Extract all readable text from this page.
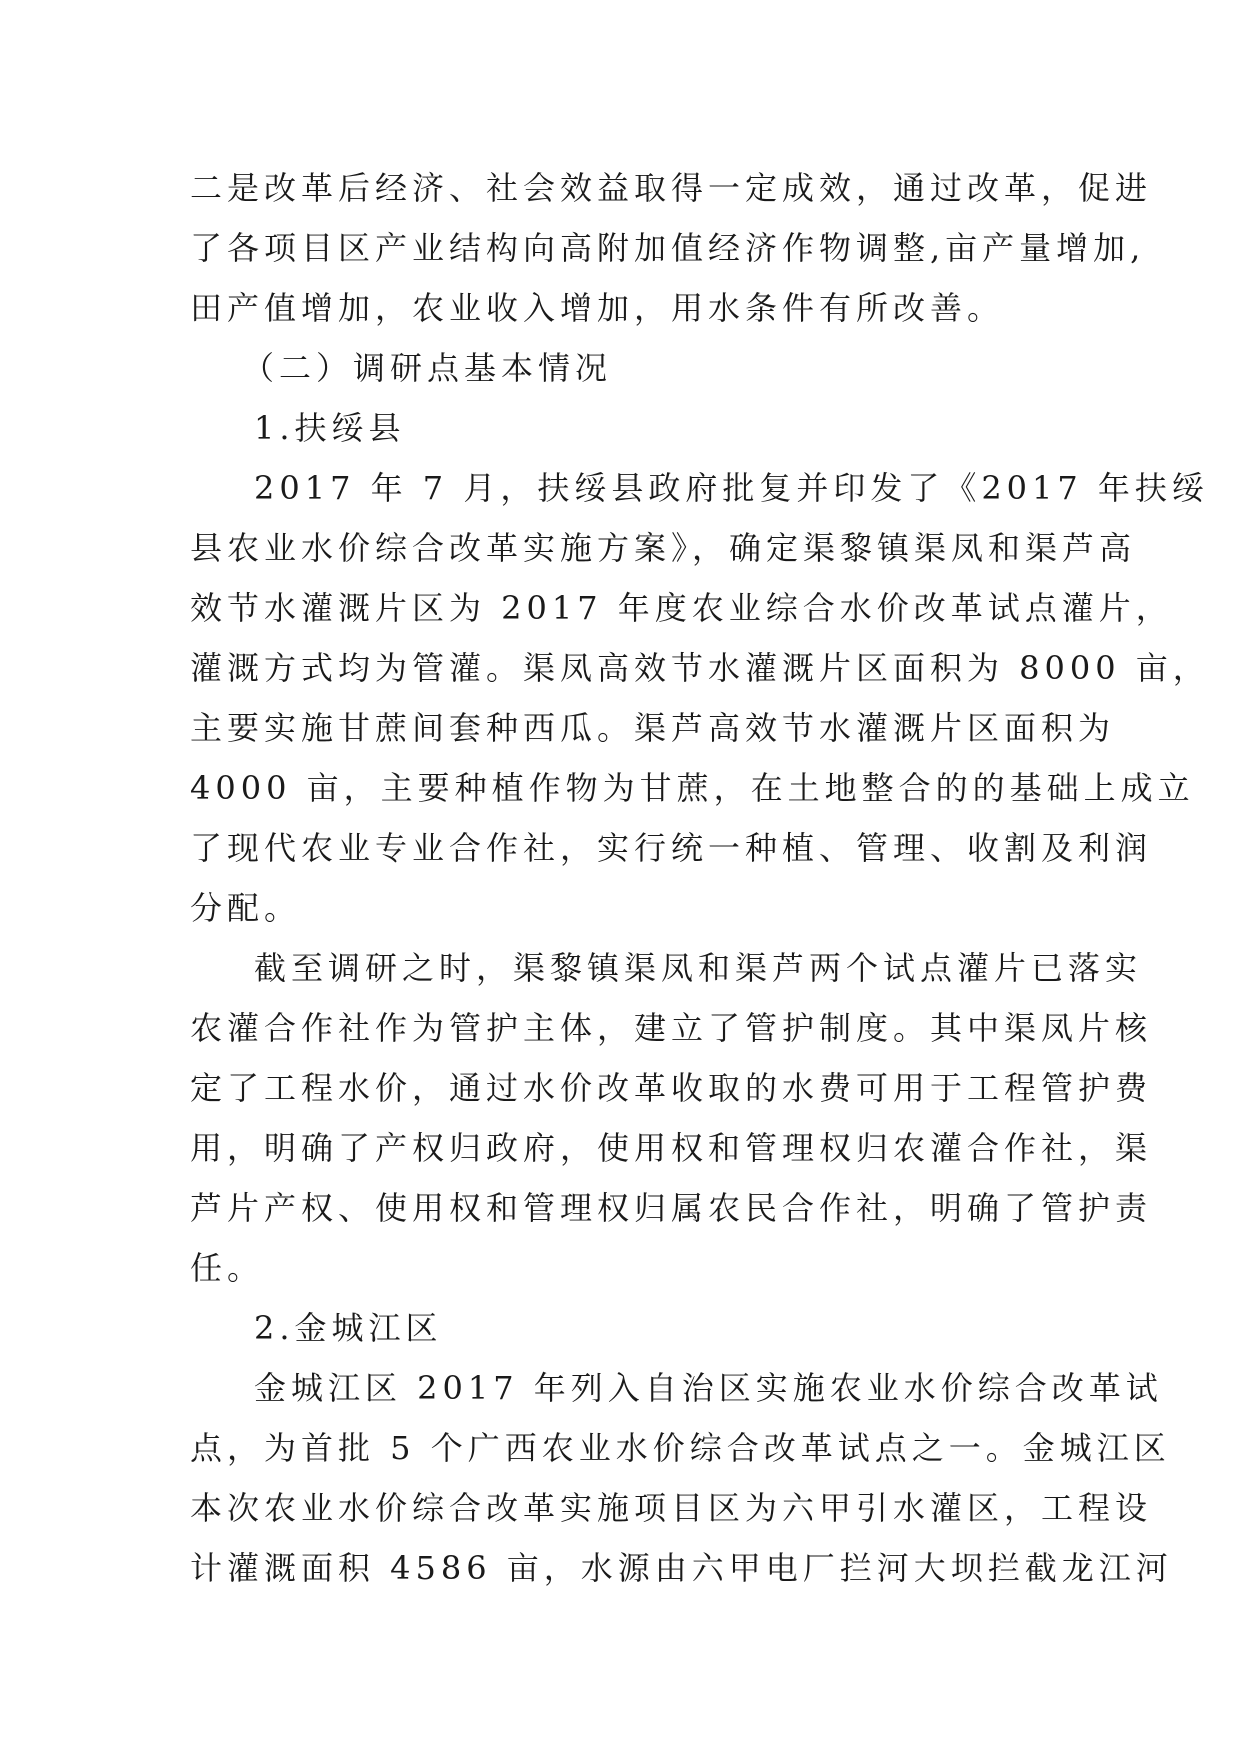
二是改革后经济、社会效益取得一定成效，通过改革，促进
了各项目区产业结构向高附加值经济作物调整,亩产量增加,
田产值增加，农业收入增加，用水条件有所改善。
（二）调研点基本情况
1.扶绥县
2017 年 7 月，扶绥县政府批复并印发了《2017 年扶绥
县农业水价综合改革实施方案》，确定渠黎镇渠凤和渠芦高
效节水灌溉片区为 2017 年度农业综合水价改革试点灌片，
灌溉方式均为管灌。渠凤高效节水灌溉片区面积为 8000 亩，
主要实施甘蔗间套种西瓜。渠芦高效节水灌溉片区面积为
4000 亩，主要种植作物为甘蔗，在土地整合的的基础上成立
了现代农业专业合作社，实行统一种植、管理、收割及利润
分配。
截至调研之时，渠黎镇渠凤和渠芦两个试点灌片已落实
农灌合作社作为管护主体，建立了管护制度。其中渠凤片核
定了工程水价，通过水价改革收取的水费可用于工程管护费
用，明确了产权归政府，使用权和管理权归农灌合作社，渠
芦片产权、使用权和管理权归属农民合作社，明确了管护责
任。
2.金城江区
金城江区 2017 年列入自治区实施农业水价综合改革试
点，为首批 5 个广西农业水价综合改革试点之一。金城江区
本次农业水价综合改革实施项目区为六甲引水灌区，工程设
计灌溉面积 4586 亩，水源由六甲电厂拦河大坝拦截龙江河
